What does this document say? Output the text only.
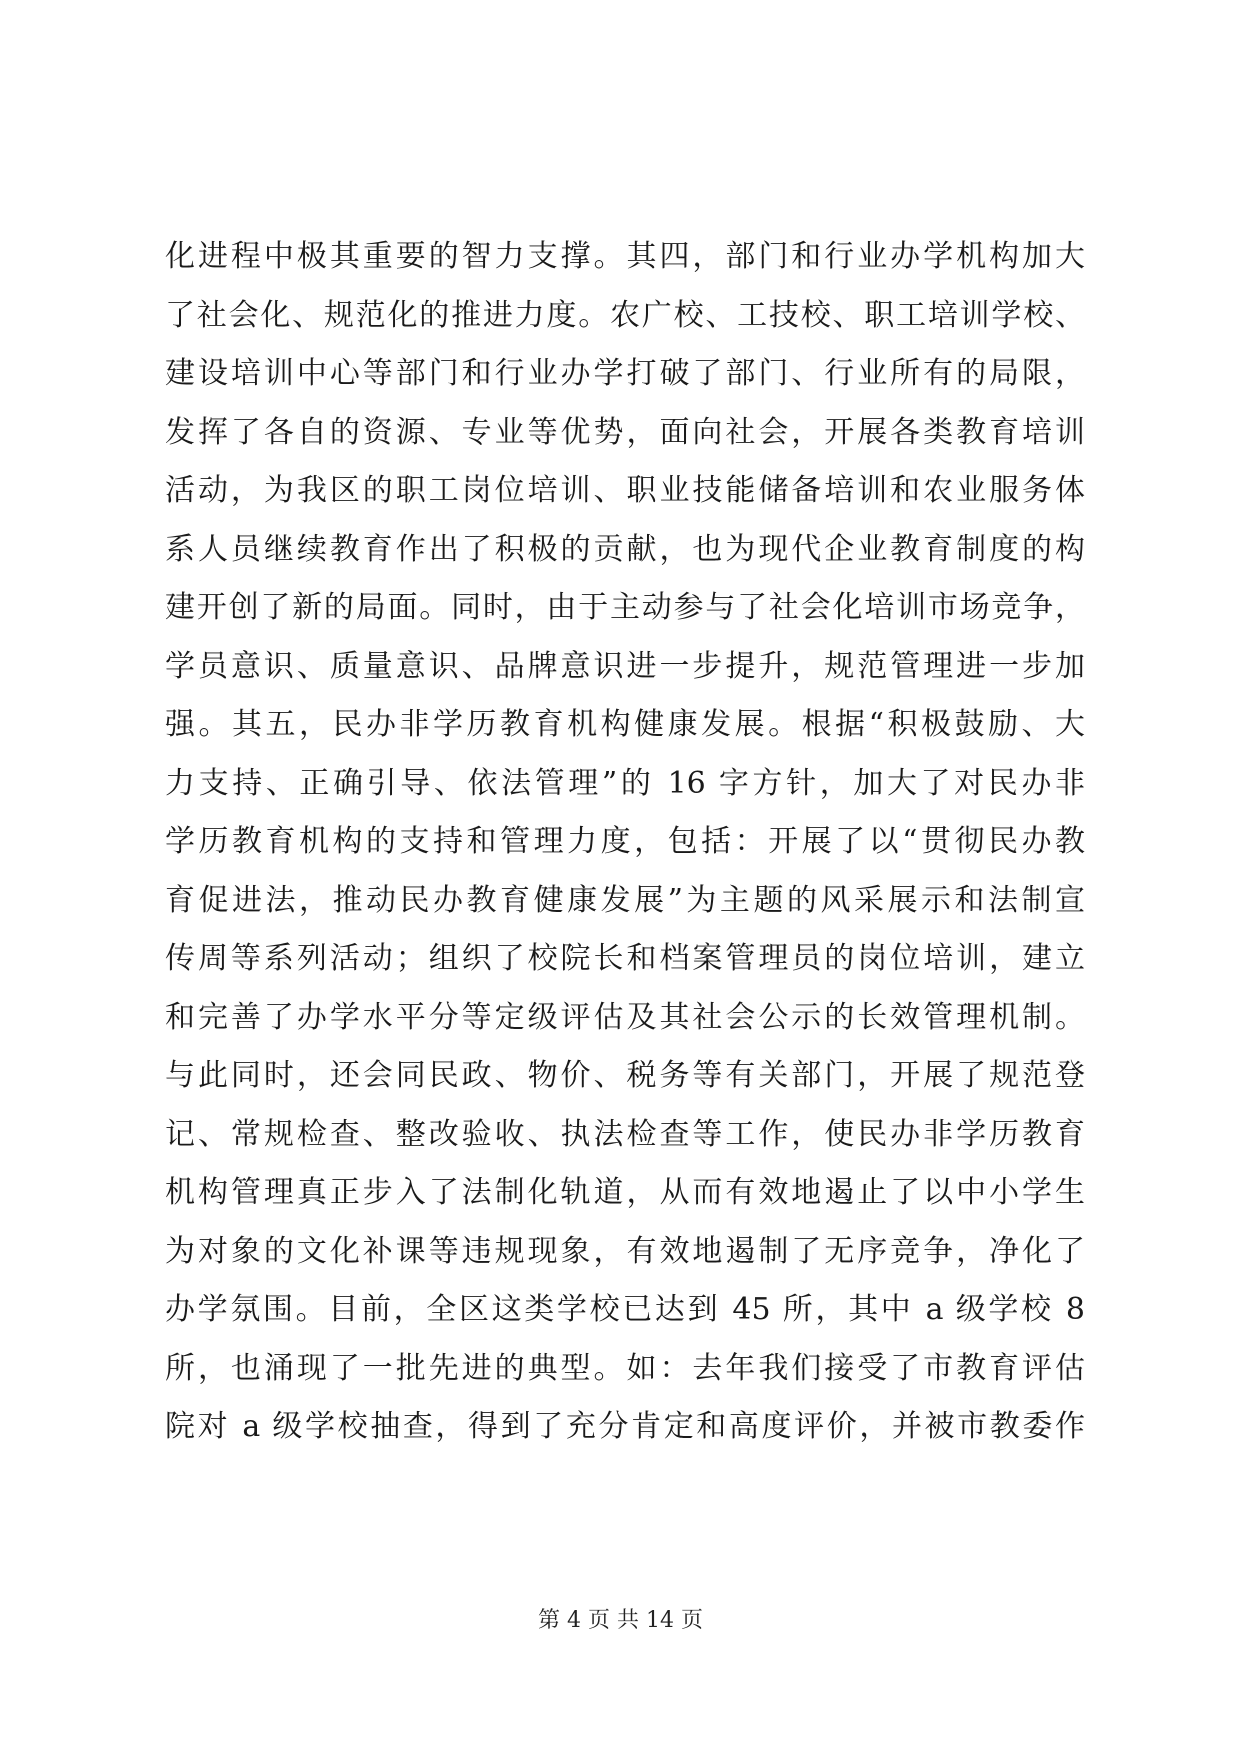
化进程中极其重要的智力支撑。其四，部门和行业办学机构加大
了社会化、规范化的推进力度。农广校、工技校、职工培训学校、
建设培训中心等部门和行业办学打破了部门、行业所有的局限，
发挥了各自的资源、专业等优势，面向社会，开展各类教育培训
活动，为我区的职工岗位培训、职业技能储备培训和农业服务体
系人员继续教育作出了积极的贡献，也为现代企业教育制度的构
建开创了新的局面。同时，由于主动参与了社会化培训市场竞争，
学员意识、质量意识、品牌意识进一步提升，规范管理进一步加
强。其五，民办非学历教育机构健康发展。根据“积极鼓励、大
力支持、正确引导、依法管理”的 16 字方针，加大了对民办非
学历教育机构的支持和管理力度，包括：开展了以“贯彻民办教
育促进法，推动民办教育健康发展”为主题的风采展示和法制宣
传周等系列活动；组织了校院长和档案管理员的岗位培训，建立
和完善了办学水平分等定级评估及其社会公示的长效管理机制。
与此同时，还会同民政、物价、税务等有关部门，开展了规范登
记、常规检查、整改验收、执法检查等工作，使民办非学历教育
机构管理真正步入了法制化轨道，从而有效地遏止了以中小学生
为对象的文化补课等违规现象，有效地遏制了无序竞争，净化了
办学氛围。目前，全区这类学校已达到 45 所，其中 a 级学校 8
所，也涌现了一批先进的典型。如：去年我们接受了市教育评估
院对 a 级学校抽查，得到了充分肯定和高度评价，并被市教委作
第 4 页 共 14 页
